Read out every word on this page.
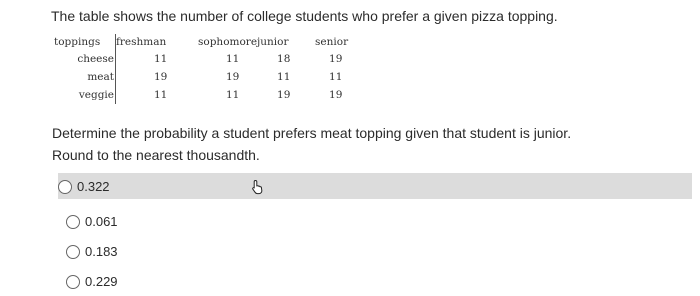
The table shows the number of college students who prefer a given pizza topping.
toppings	freshman	sophomore	junior	senior
cheese	11	11	18	19
meat	19	19	11	11
veggie	11	11	19	19
Determine the probability a student prefers meat topping given that student is junior. Round to the nearest thousandth.
0.322
0.061
0.183
0.229
